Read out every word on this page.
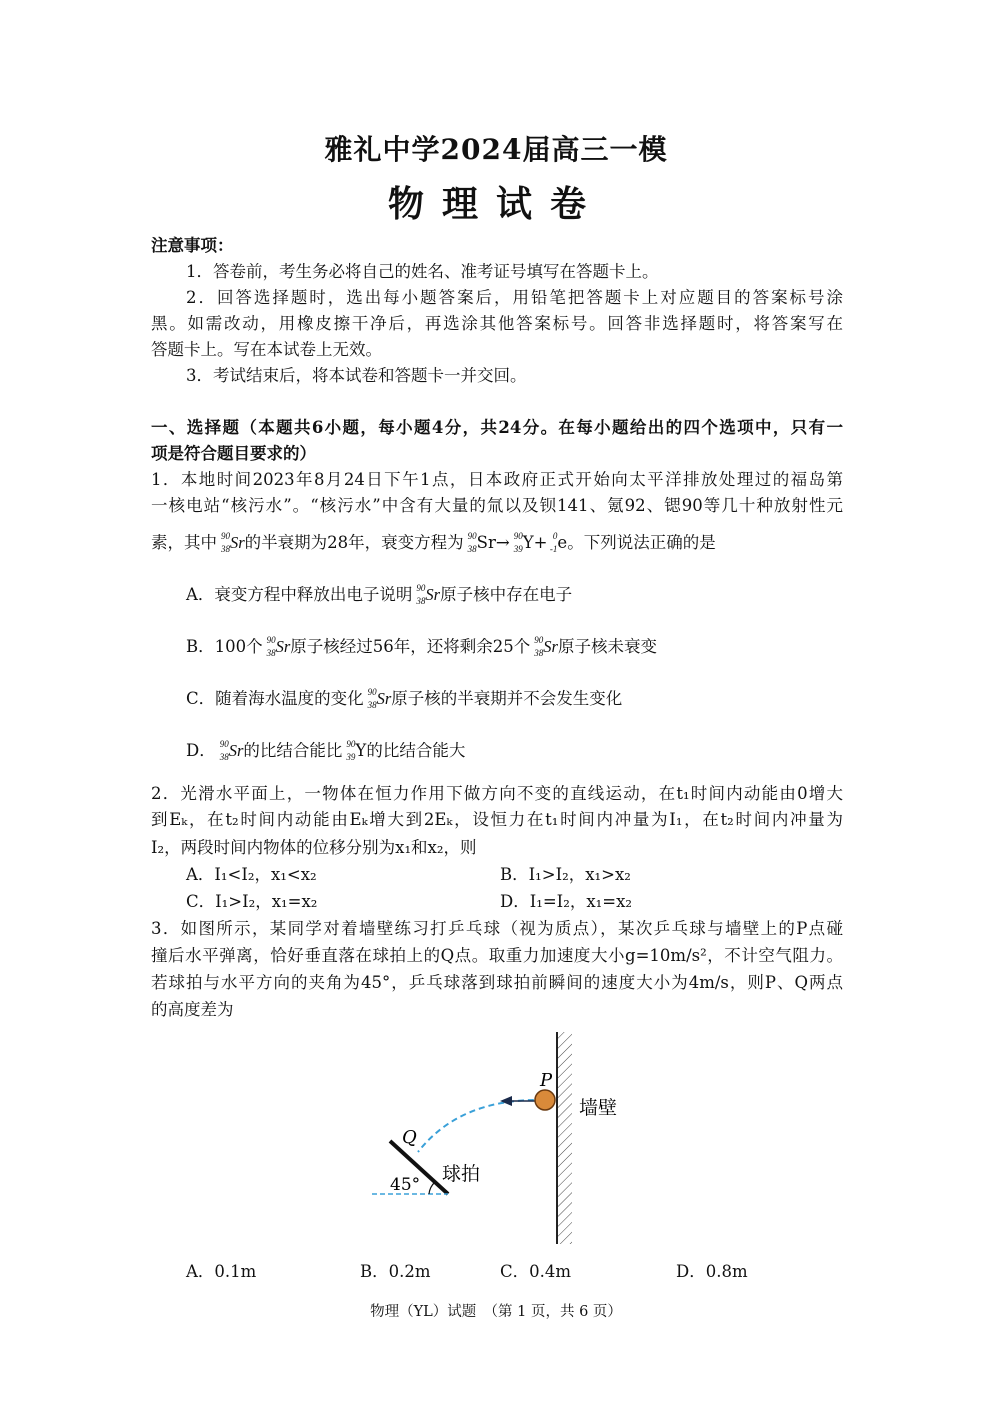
雅礼中学2024届高三一模
物理试卷
注意事项：
1．答卷前，考生务必将自己的姓名、准考证号填写在答题卡上。
2．回答选择题时，选出每小题答案后，用铅笔把答题卡上对应题目的答案标号涂
黑。如需改动，用橡皮擦干净后，再选涂其他答案标号。回答非选择题时，将答案写在
答题卡上。写在本试卷上无效。
3．考试结束后，将本试卷和答题卡一并交回。
一、选择题（本题共6小题，每小题4分，共24分。在每小题给出的四个选项中，只有一
项是符合题目要求的）
1．本地时间2023年8月24日下午1点，日本政府正式开始向太平洋排放处理过的福岛第
一核电站“核污水”。“核污水”中含有大量的氚以及钡141、氪92、锶90等几十种放射性元
素，其中 90
38 Sr的半衰期为28年，衰变方程为 90
38 Sr→ 90
39 Y+ 0
-1 e。下列说法正确的是
A．衰变方程中释放出电子说明 90
38 Sr原子核中存在电子
B．100个 90
38 Sr原子核经过56年，还将剩余25个 90
38 Sr原子核未衰变
C．随着海水温度的变化 90
38 Sr原子核的半衰期并不会发生变化
D． 90
38 Sr的比结合能比 90
39 Y的比结合能大
2．光滑水平面上，一物体在恒力作用下做方向不变的直线运动，在t₁时间内动能由0增大
到Eₖ，在t₂时间内动能由Eₖ增大到2Eₖ，设恒力在t₁时间内冲量为I₁，在t₂时间内冲量为
I₂，两段时间内物体的位移分别为x₁和x₂，则
A．I₁<I₂，x₁<x₂	B．I₁>I₂，x₁>x₂
C．I₁>I₂，x₁=x₂	D．I₁=I₂，x₁=x₂
3．如图所示，某同学对着墙壁练习打乒乓球（视为质点），某次乒乓球与墙壁上的P点碰
撞后水平弹离，恰好垂直落在球拍上的Q点。取重力加速度大小g=10m/s²，不计空气阻力。
若球拍与水平方向的夹角为45°，乒乓球落到球拍前瞬间的速度大小为4m/s，则P、Q两点
的高度差为
P
Q
墙壁
球拍
45°
A．0.1m	B．0.2m	C．0.4m	D．0.8m
物理（YL）试题　（第 1 页，共 6 页）
